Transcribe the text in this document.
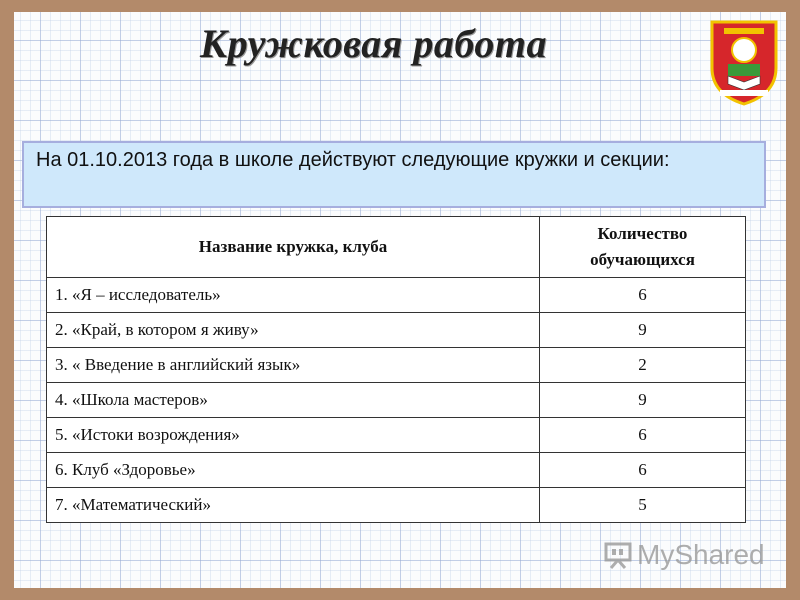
Кружковая работа
На 01.10.2013 года в школе действуют следующие кружки и секции:
Название кружка, клуба	Количество обучающихся
1. «Я – исследователь»	6
2. «Край, в котором я живу»	9
3. « Введение в английский язык»	2
4. «Школа мастеров»	9
5. «Истоки возрождения»	6
6. Клуб «Здоровье»	6
7. «Математический»	5
MyShared
